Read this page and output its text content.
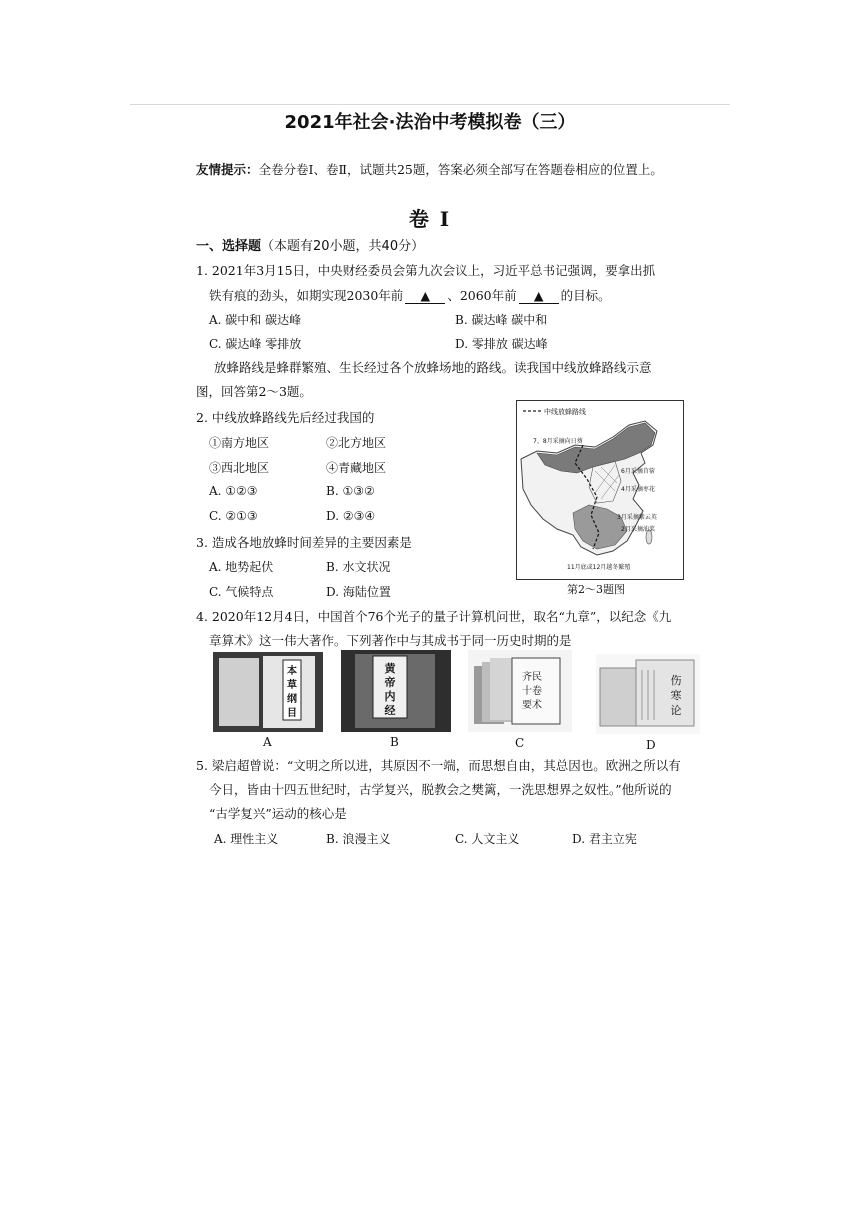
2021年社会·法治中考模拟卷（三）
友情提示：全卷分卷Ⅰ、卷Ⅱ，试题共25题，答案必须全部写在答题卷相应的位置上。
卷 Ⅰ
一、选择题（本题有20小题，共40分）
1. 2021年3月15日，中央财经委员会第九次会议上，习近平总书记强调，要拿出抓
铁有痕的劲头，如期实现2030年前 ▲ 、2060年前 ▲ 的目标。
A. 碳中和 碳达峰	B. 碳达峰 碳中和
C. 碳达峰 零排放	D. 零排放 碳达峰
放蜂路线是蜂群繁殖、生长经过各个放蜂场地的路线。读我国中线放蜂路线示意
图，回答第2～3题。
2. 中线放蜂路线先后经过我国的
①南方地区	②北方地区
③西北地区	④青藏地区
A. ①②③	B. ①③②
C. ②①③	D. ②③④
3. 造成各地放蜂时间差异的主要因素是
A. 地势起伏	B. 水文状况
C. 气候特点	D. 海陆位置
中线放蜂路线
7、8月采摘向日葵
6月采摘苜蓿
4月采摘枣花
3月采摘紫云英
2月采摘油菜
11月底或12月越冬繁殖
第2～3题图
4. 2020年12月4日，中国首个76个光子的量子计算机问世，取名“九章”，以纪念《九
章算术》这一伟大著作。下列著作中与其成书于同一历史时期的是
本
草
纲
目
A
黄
帝
内
经
B
齐民
十卷
要术
C
伤
寒
论
D
5. 梁启超曾说：“文明之所以进，其原因不一端，而思想自由，其总因也。欧洲之所以有
今日，皆由十四五世纪时，古学复兴，脱教会之樊篱，一洗思想界之奴性。”他所说的
“古学复兴”运动的核心是
A. 理性主义	B. 浪漫主义	C. 人文主义	D. 君主立宪
